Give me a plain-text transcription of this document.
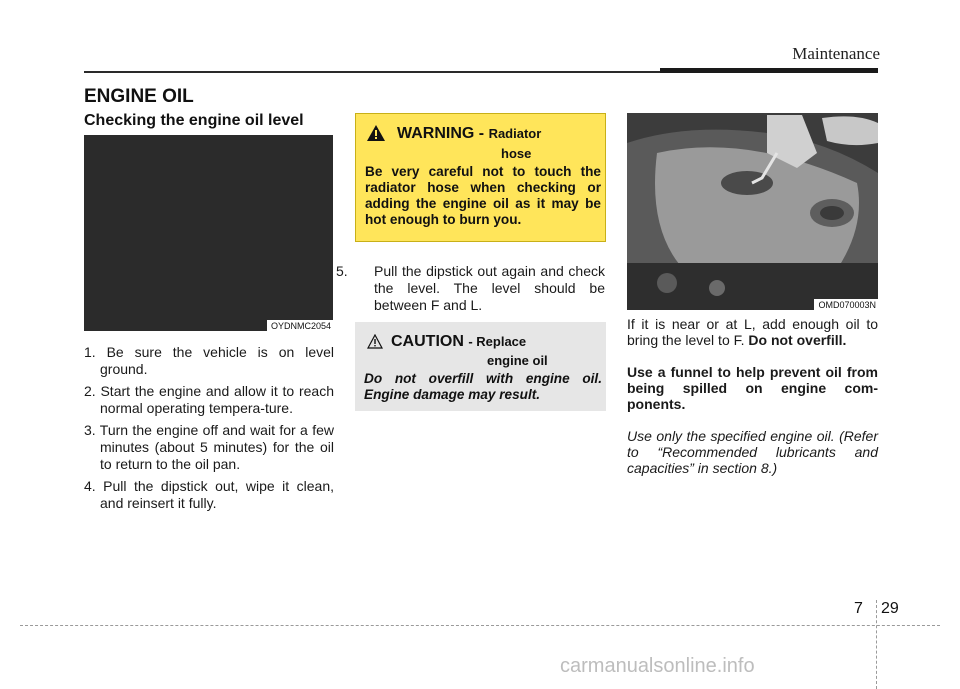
Maintenance
ENGINE OIL
Checking the engine oil level
OYDNMC2054
1. Be sure the vehicle is on level ground.
2. Start the engine and allow it to reach normal operating tempera-ture.
3. Turn the engine off and wait for a few minutes (about 5 minutes) for the oil to return to the oil pan.
4. Pull the dipstick out, wipe it clean, and reinsert it fully.
WARNING - Radiator
hose
Be very careful not to touch the radiator hose when checking or adding the engine oil as it may be hot enough to burn you.
5. Pull the dipstick out again and check the level. The level should be between F and L.
CAUTION - Replace
engine oil
Do not overfill with engine oil. Engine damage may result.
OMD070003N

If it is near or at L, add enough oil to bring the level to F. Do not overfill.

Use a funnel to help prevent oil from being spilled on engine com-ponents.

Use only the specified engine oil. (Refer to “Recommended lubricants and capacities” in section 8.)

7 29
carmanualsonline.info
